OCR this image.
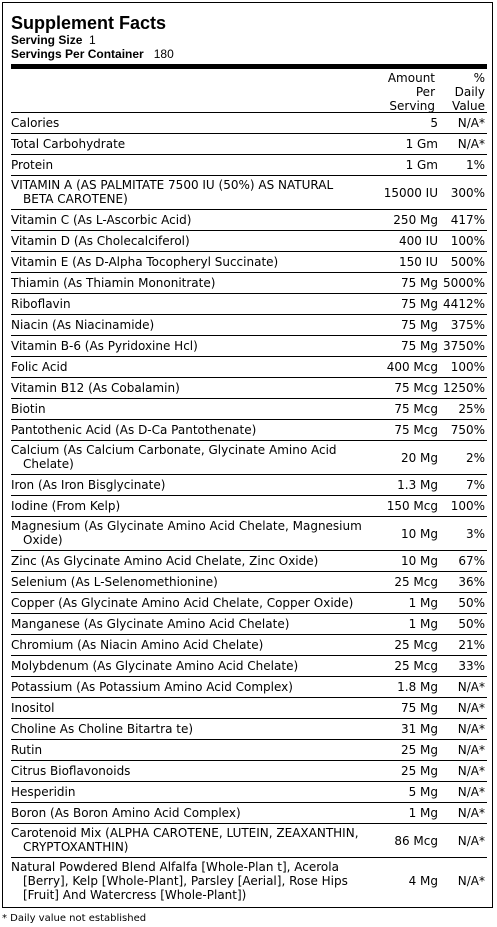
Supplement Facts
Serving Size 1
Servings Per Container 180
Amount
Per
Serving
%
Daily
Value
Calories	5 N/A*
Total Carbohydrate	1 Gm N/A*
Protein	1 Gm 1%
VITAMIN A (AS PALMITATE 7500 IU (50%) AS NATURAL
BETA CAROTENE)	15000 IU 300%
Vitamin C (As L-Ascorbic Acid)	250 Mg 417%
Vitamin D (As Cholecalciferol)	400 IU 100%
Vitamin E (As D-Alpha Tocopheryl Succinate)	150 IU 500%
Thiamin (As Thiamin Mononitrate)	75 Mg 5000%
Riboflavin	75 Mg 4412%
Niacin (As Niacinamide)	75 Mg 375%
Vitamin B-6 (As Pyridoxine Hcl)	75 Mg 3750%
Folic Acid	400 Mcg 100%
Vitamin B12 (As Cobalamin)	75 Mcg 1250%
Biotin	75 Mcg 25%
Pantothenic Acid (As D-Ca Pantothenate)	75 Mcg 750%
Calcium (As Calcium Carbonate, Glycinate Amino Acid
Chelate)	20 Mg 2%
Iron (As Iron Bisglycinate)	1.3 Mg 7%
Iodine (From Kelp)	150 Mcg 100%
Magnesium (As Glycinate Amino Acid Chelate, Magnesium
Oxide)	10 Mg 3%
Zinc (As Glycinate Amino Acid Chelate, Zinc Oxide)	10 Mg 67%
Selenium (As L-Selenomethionine)	25 Mcg 36%
Copper (As Glycinate Amino Acid Chelate, Copper Oxide)	1 Mg 50%
Manganese (As Glycinate Amino Acid Chelate)	1 Mg 50%
Chromium (As Niacin Amino Acid Chelate)	25 Mcg 21%
Molybdenum (As Glycinate Amino Acid Chelate)	25 Mcg 33%
Potassium (As Potassium Amino Acid Complex)	1.8 Mg N/A*
Inositol	75 Mg N/A*
Choline As Choline Bitartra te)	31 Mg N/A*
Rutin	25 Mg N/A*
Citrus Bioflavonoids	25 Mg N/A*
Hesperidin	5 Mg N/A*
Boron (As Boron Amino Acid Complex)	1 Mg N/A*
Carotenoid Mix (ALPHA CAROTENE, LUTEIN, ZEAXANTHIN,
CRYPTOXANTHIN)	86 Mcg N/A*
Natural Powdered Blend Alfalfa [Whole-Plan t], Acerola
[Berry], Kelp [Whole-Plant], Parsley [Aerial], Rose Hips
[Fruit] And Watercress [Whole-Plant])
4 Mg N/A*
* Daily value not established
